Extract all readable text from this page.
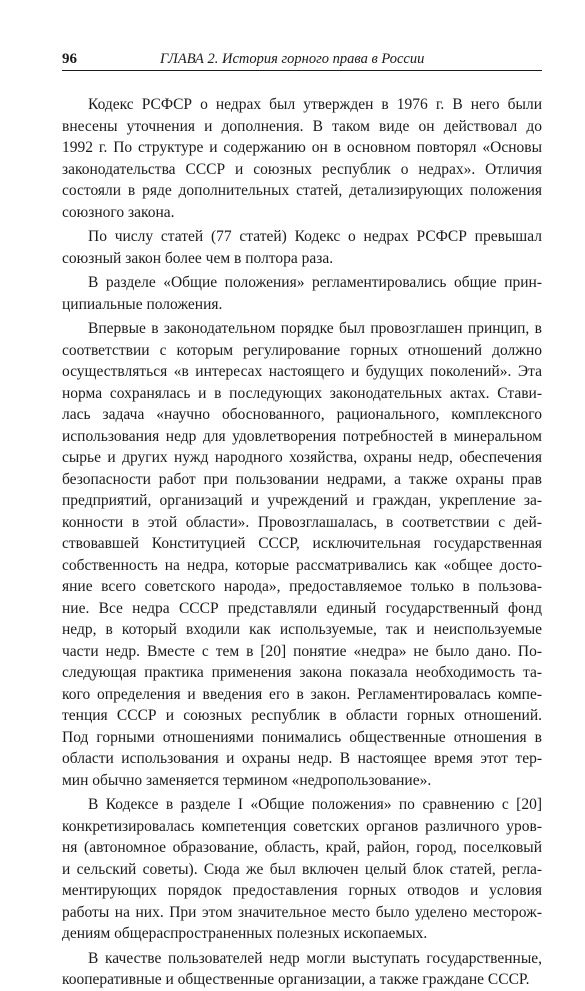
96	ГЛАВА 2. История горного права в России

Кодекс РСФСР о недрах был утвержден в 1976 г. В него были
внесены уточнения и дополнения. В таком виде он действовал до
1992 г. По структуре и содержанию он в основном повторял «Основы
законодательства СССР и союзных республик о недрах». Отличия
состояли в ряде дополнительных статей, детализирующих положения
союзного закона.

По числу статей (77 статей) Кодекс о недрах РСФСР превышал
союзный закон более чем в полтора раза.

В разделе «Общие положения» регламентировались общие прин-
ципиальные положения.

Впервые в законодательном порядке был провозглашен принцип, в
соответствии с которым регулирование горных отношений должно
осуществляться «в интересах настоящего и будущих поколений». Эта
норма сохранялась и в последующих законодательных актах. Стави-
лась задача «научно обоснованного, рационального, комплексного
использования недр для удовлетворения потребностей в минеральном
сырье и других нужд народного хозяйства, охраны недр, обеспечения
безопасности работ при пользовании недрами, а также охраны прав
предприятий, организаций и учреждений и граждан, укрепление за-
конности в этой области». Провозглашалась, в соответствии с дей-
ствовавшей Конституцией СССР, исключительная государственная
собственность на недра, которые рассматривались как «общее досто-
яние всего советского народа», предоставляемое только в пользова-
ние. Все недра СССР представляли единый государственный фонд
недр, в который входили как используемые, так и неиспользуемые
части недр. Вместе с тем в [20] понятие «недра» не было дано. По-
следующая практика применения закона показала необходимость та-
кого определения и введения его в закон. Регламентировалась компе-
тенция СССР и союзных республик в области горных отношений.
Под горными отношениями понимались общественные отношения в
области использования и охраны недр. В настоящее время этот тер-
мин обычно заменяется термином «недропользование».

В Кодексе в разделе I «Общие положения» по сравнению с [20]
конкретизировалась компетенция советских органов различного уров-
ня (автономное образование, область, край, район, город, поселковый
и сельский советы). Сюда же был включен целый блок статей, регла-
ментирующих порядок предоставления горных отводов и условия
работы на них. При этом значительное место было уделено месторож-
дениям общераспространенных полезных ископаемых.

В качестве пользователей недр могли выступать государственные,
кооперативные и общественные организации, а также граждане СССР.
